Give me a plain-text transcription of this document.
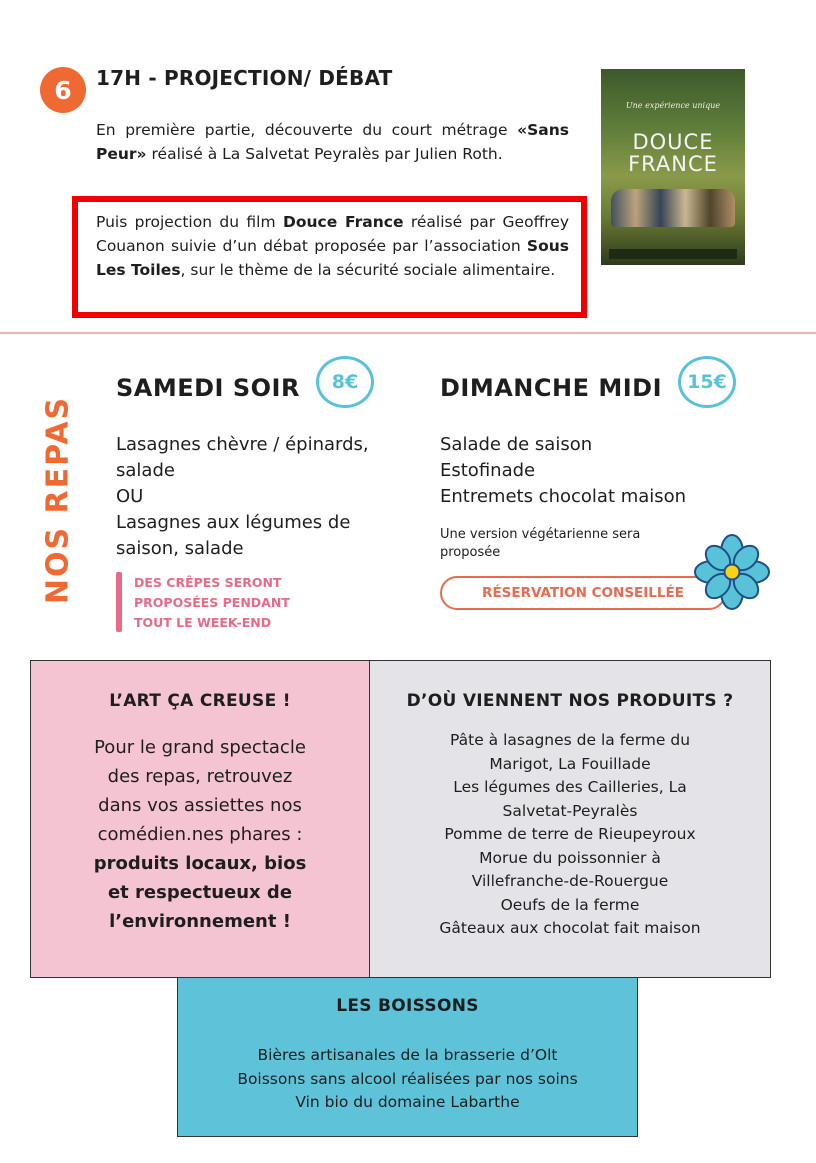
6	17H - PROJECTION/ DÉBAT

En première partie, découverte du court métrage «Sans Peur» réalisé à La Salvetat Peyralès par Julien Roth.

Puis projection du film Douce France réalisé par Geoffrey Couanon suivie d’un débat proposée par l’association Sous Les Toiles, sur le thème de la sécurité sociale alimentaire.

Une expérience unique
DOUCE
FRANCE
NOS REPAS
SAMEDI SOIR	8€
Lasagnes chèvre / épinards,
salade
OU
Lasagnes aux légumes de
saison, salade
DES CRÊPES SERONT
PROPOSÉES PENDANT
TOUT LE WEEK-END
DIMANCHE MIDI	15€
Salade de saison
Estofinade
Entremets chocolat maison
Une version végétarienne sera proposée
RÉSERVATION CONSEILLÉE
L’ART ÇA CREUSE !
Pour le grand spectacle
des repas, retrouvez
dans vos assiettes nos
comédien.nes phares :
produits locaux, bios
et respectueux de
l’environnement !
D’OÙ VIENNENT NOS PRODUITS ?
Pâte à lasagnes de la ferme du
Marigot, La Fouillade
Les légumes des Cailleries, La
Salvetat-Peyralès
Pomme de terre de Rieupeyroux
Morue du poissonnier à
Villefranche-de-Rouergue
Oeufs de la ferme
Gâteaux aux chocolat fait maison
LES BOISSONS
Bières artisanales de la brasserie d’Olt
Boissons sans alcool réalisées par nos soins
Vin bio du domaine Labarthe
